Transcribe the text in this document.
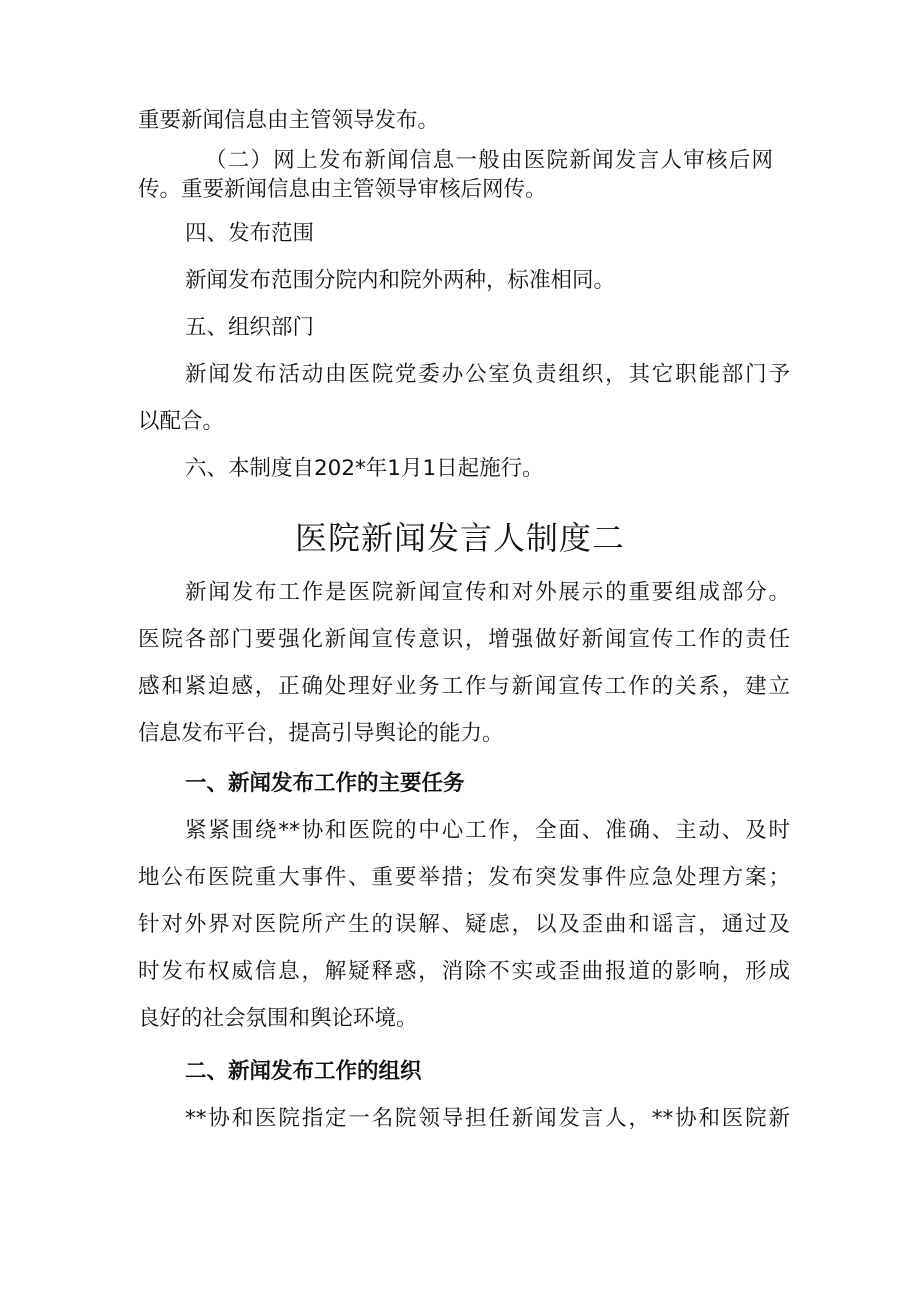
重要新闻信息由主管领导发布。
（二）网上发布新闻信息一般由医院新闻发言人审核后网
传。重要新闻信息由主管领导审核后网传。
四、发布范围
新闻发布范围分院内和院外两种，标准相同。
五、组织部门
新闻发布活动由医院党委办公室负责组织，其它职能部门予
以配合。
六、本制度自202*年1月1日起施行。
医院新闻发言人制度二
新闻发布工作是医院新闻宣传和对外展示的重要组成部分。
医院各部门要强化新闻宣传意识，增强做好新闻宣传工作的责任
感和紧迫感，正确处理好业务工作与新闻宣传工作的关系，建立
信息发布平台，提高引导舆论的能力。
一、新闻发布工作的主要任务
紧紧围绕**协和医院的中心工作，全面、准确、主动、及时
地公布医院重大事件、重要举措；发布突发事件应急处理方案；
针对外界对医院所产生的误解、疑虑，以及歪曲和谣言，通过及
时发布权威信息，解疑释惑，消除不实或歪曲报道的影响，形成
良好的社会氛围和舆论环境。
二、新闻发布工作的组织
**协和医院指定一名院领导担任新闻发言人，**协和医院新
